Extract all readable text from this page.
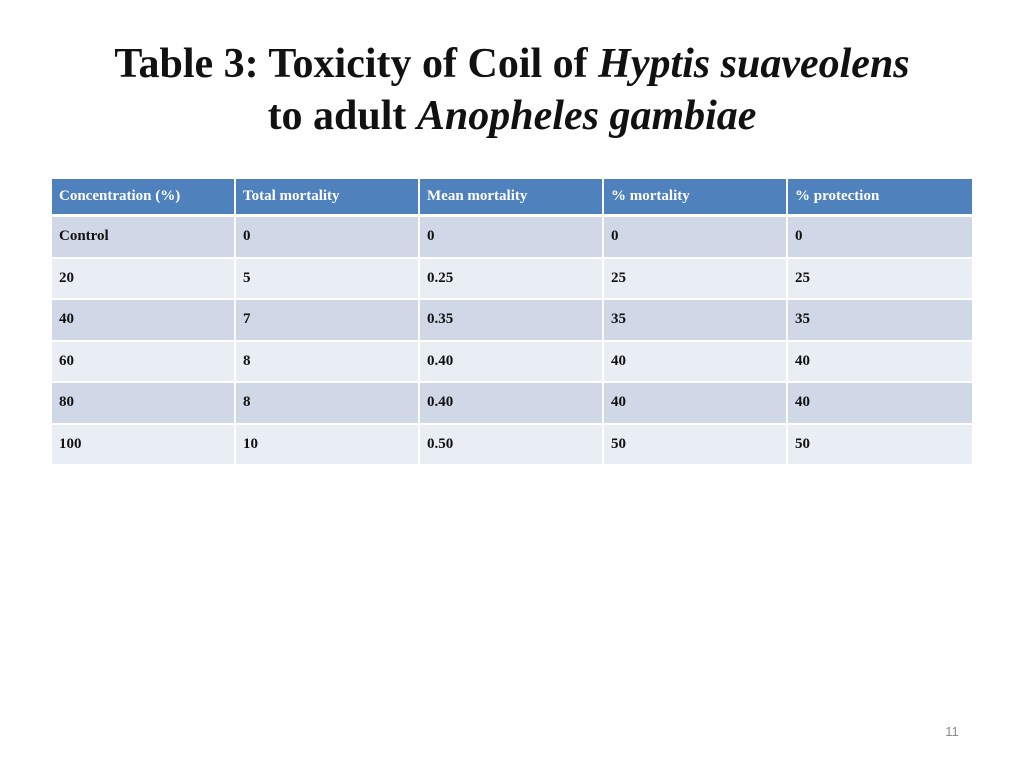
Table 3: Toxicity of Coil of Hyptis suaveolens
to adult Anopheles gambiae
Concentration (%)	Total mortality	Mean mortality	% mortality	% protection
Control	0	0	0	0
20	5	0.25	25	25
40	7	0.35	35	35
60	8	0.40	40	40
80	8	0.40	40	40
100	10	0.50	50	50
11
